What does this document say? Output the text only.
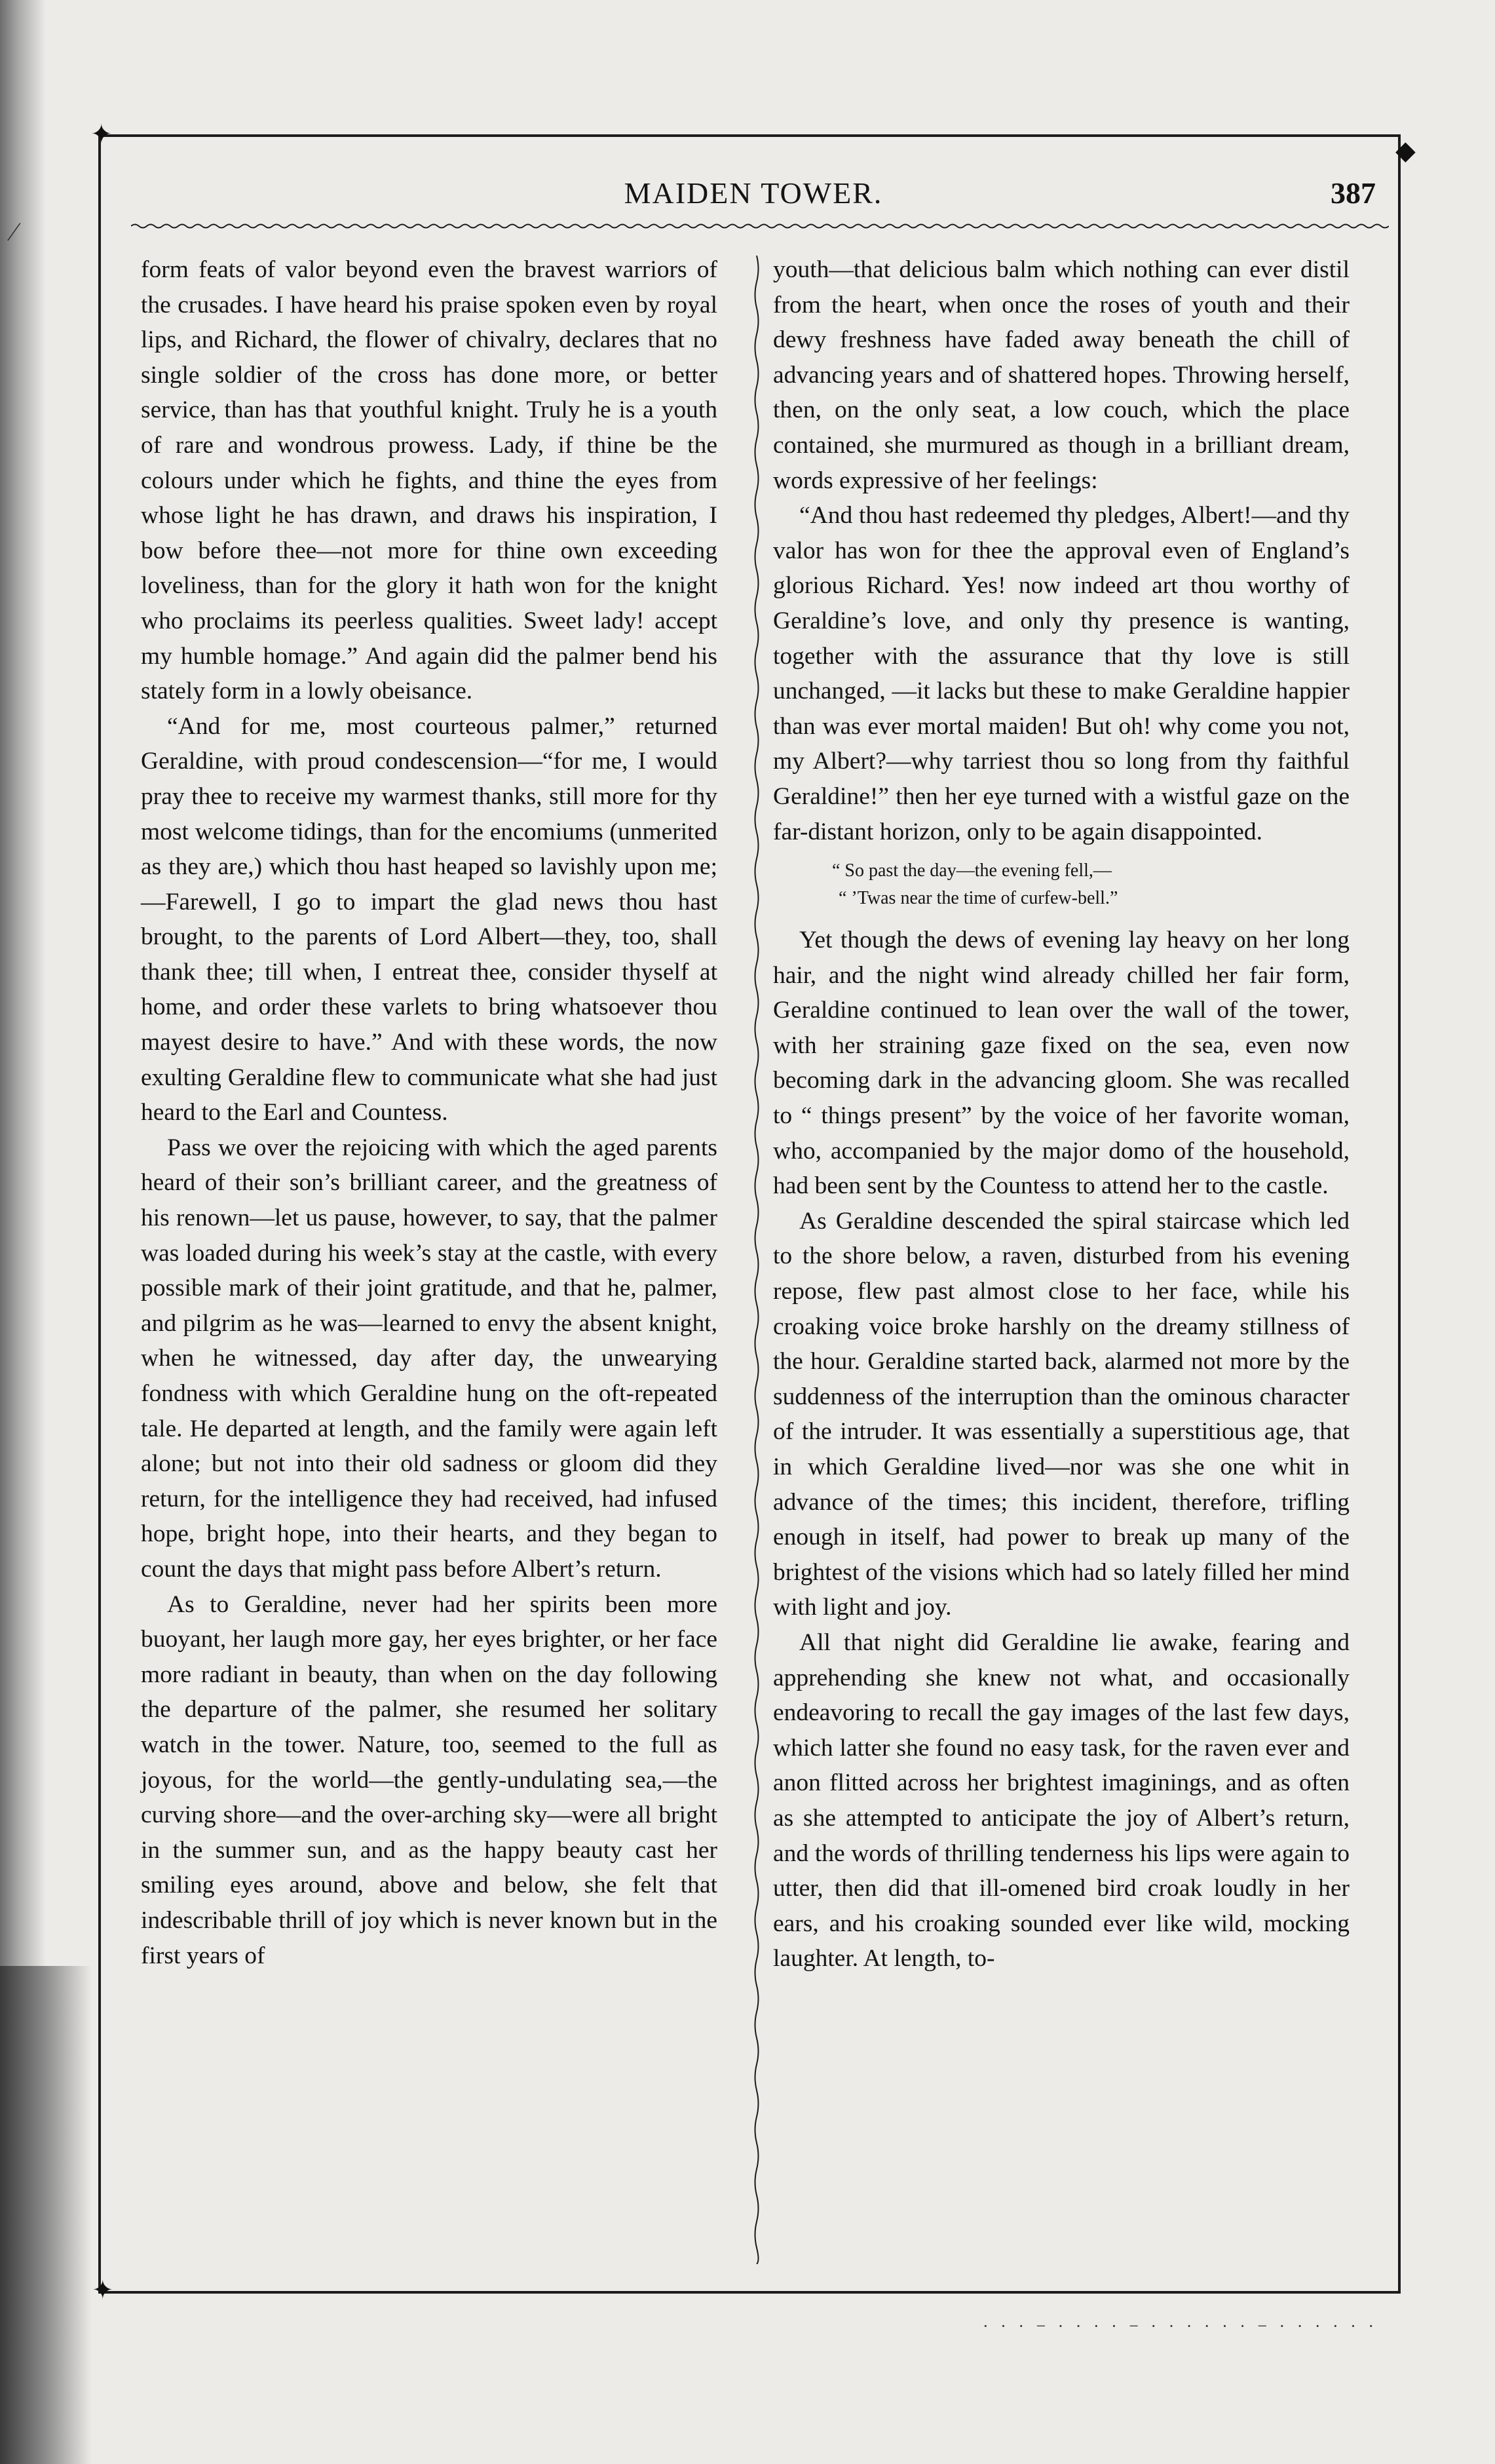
✦
◆
✦
⁄
MAIDEN TOWER.	387

form feats of valor beyond even the bravest warriors of the crusades. I have heard his praise spoken even by royal lips, and Richard, the flower of chivalry, declares that no single soldier of the cross has done more, or better service, than has that youthful knight. Truly he is a youth of rare and wondrous prowess. Lady, if thine be the colours under which he fights, and thine the eyes from whose light he has drawn, and draws his inspiration, I bow before thee—not more for thine own exceeding loveliness, than for the glory it hath won for the knight who proclaims its peerless qualities. Sweet lady! accept my humble homage.” And again did the palmer bend his stately form in a lowly obeisance.

“And for me, most courteous palmer,” returned Geraldine, with proud condescension—“for me, I would pray thee to receive my warmest thanks, still more for thy most welcome tidings, than for the encomiums (unmerited as they are,) which thou hast heaped so lavishly upon me;—Farewell, I go to impart the glad news thou hast brought, to the parents of Lord Albert—they, too, shall thank thee; till when, I entreat thee, consider thyself at home, and order these varlets to bring whatsoever thou mayest desire to have.” And with these words, the now exulting Geraldine flew to communicate what she had just heard to the Earl and Countess.

Pass we over the rejoicing with which the aged parents heard of their son’s brilliant career, and the greatness of his renown—let us pause, however, to say, that the palmer was loaded during his week’s stay at the castle, with every possible mark of their joint gratitude, and that he, palmer, and pilgrim as he was—learned to envy the absent knight, when he witnessed, day after day, the unwearying fondness with which Geraldine hung on the oft-repeated tale. He departed at length, and the family were again left alone; but not into their old sadness or gloom did they return, for the intelligence they had received, had infused hope, bright hope, into their hearts, and they began to count the days that might pass before Albert’s return.

As to Geraldine, never had her spirits been more buoyant, her laugh more gay, her eyes brighter, or her face more radiant in beauty, than when on the day following the departure of the palmer, she resumed her solitary watch in the tower. Nature, too, seemed to the full as joyous, for the world—the gently-undulating sea,—the curving shore—and the over-arching sky—were all bright in the summer sun, and as the happy beauty cast her smiling eyes around, above and below, she felt that indescribable thrill of joy which is never known but in the first years of

youth—that delicious balm which nothing can ever distil from the heart, when once the roses of youth and their dewy freshness have faded away beneath the chill of advancing years and of shattered hopes. Throwing herself, then, on the only seat, a low couch, which the place contained, she murmured as though in a brilliant dream, words expressive of her feelings:

“And thou hast redeemed thy pledges, Albert!—and thy valor has won for thee the approval even of England’s glorious Richard. Yes! now indeed art thou worthy of Geraldine’s love, and only thy presence is wanting, together with the assurance that thy love is still unchanged, —it lacks but these to make Geraldine happier than was ever mortal maiden! But oh! why come you not, my Albert?—why tarriest thou so long from thy faithful Geraldine!” then her eye turned with a wistful gaze on the far-distant horizon, only to be again disappointed.

“ So past the day—the evening fell,—
“ ’Twas near the time of curfew-bell.”

Yet though the dews of evening lay heavy on her long hair, and the night wind already chilled her fair form, Geraldine continued to lean over the wall of the tower, with her straining gaze fixed on the sea, even now becoming dark in the advancing gloom. She was recalled to “ things present” by the voice of her favorite woman, who, accompanied by the major domo of the household, had been sent by the Countess to attend her to the castle.

As Geraldine descended the spiral staircase which led to the shore below, a raven, disturbed from his evening repose, flew past almost close to her face, while his croaking voice broke harshly on the dreamy stillness of the hour. Geraldine started back, alarmed not more by the suddenness of the interruption than the ominous character of the intruder. It was essentially a superstitious age, that in which Geraldine lived—nor was she one whit in advance of the times; this incident, therefore, trifling enough in itself, had power to break up many of the brightest of the visions which had so lately filled her mind with light and joy.

All that night did Geraldine lie awake, fearing and apprehending she knew not what, and occasionally endeavoring to recall the gay images of the last few days, which latter she found no easy task, for the raven ever and anon flitted across her brightest imaginings, and as often as she attempted to anticipate the joy of Albert’s return, and the words of thrilling tenderness his lips were again to utter, then did that ill-omened bird croak loudly in her ears, and his croaking sounded ever like wild, mocking laughter. At length, to-

· · · − · · · · − · · · · · · − · · · · · ·
